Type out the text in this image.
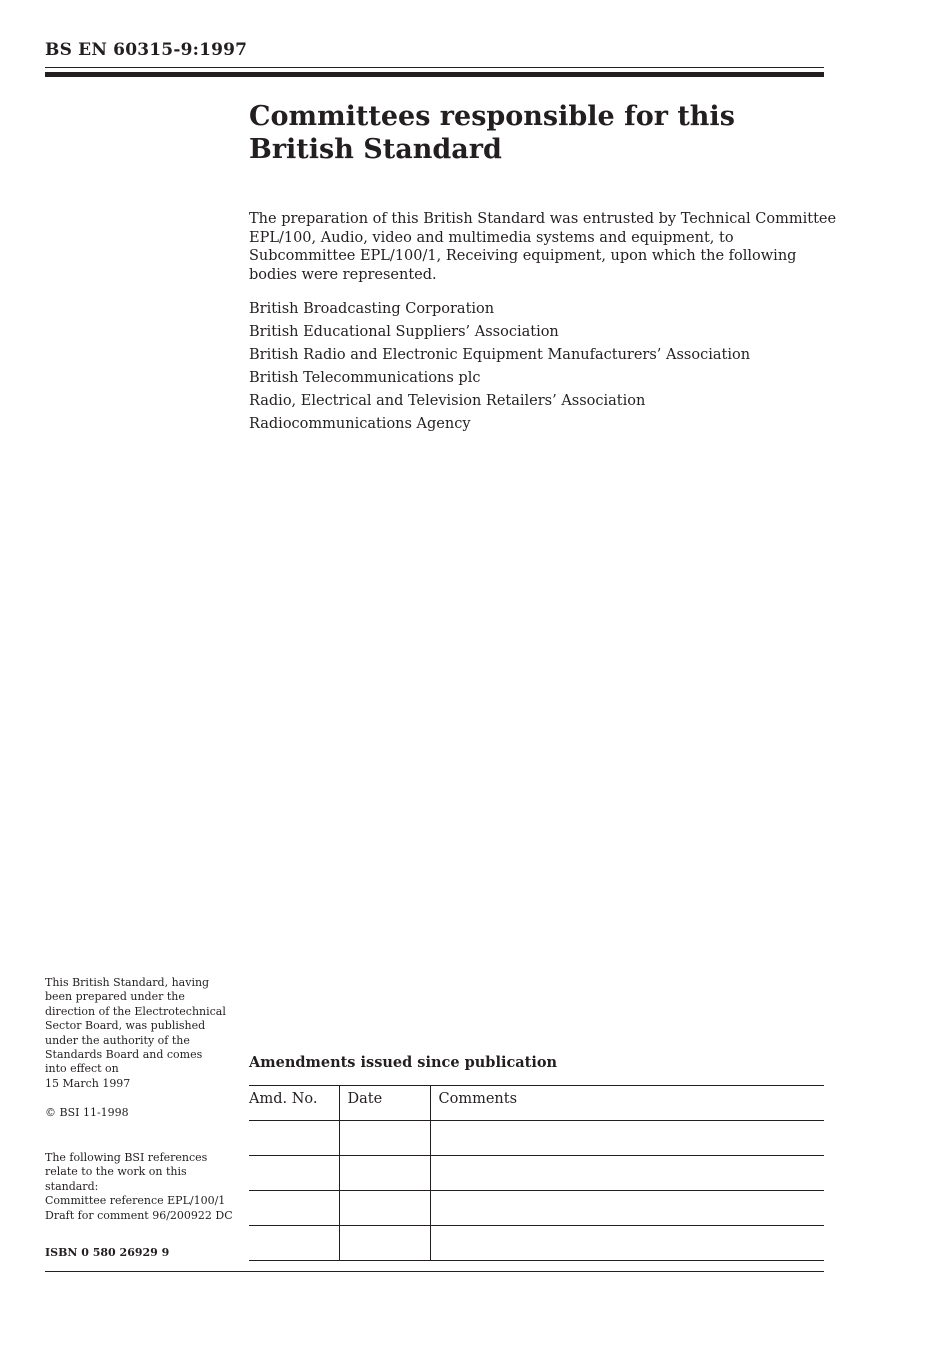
BS EN 60315-9:1997
Committees responsible for this
British Standard

The preparation of this British Standard was entrusted by Technical Committee EPL/100, Audio, video and multimedia systems and equipment, to Subcommittee EPL/100/1, Receiving equipment, upon which the following bodies were represented.

British Broadcasting Corporation
British Educational Suppliers’ Association
British Radio and Electronic Equipment Manufacturers’ Association
British Telecommunications plc
Radio, Electrical and Television Retailers’ Association
Radiocommunications Agency
This British Standard, having
been prepared under the
direction of the Electrotechnical
Sector Board, was published
under the authority of the
Standards Board and comes
into effect on
15 March 1997
© BSI 11-1998
The following BSI references
relate to the work on this
standard:
Committee reference EPL/100/1
Draft for comment 96/200922 DC
ISBN 0 580 26929 9
Amendments issued since publication
Amd. No.	Date	Comments
